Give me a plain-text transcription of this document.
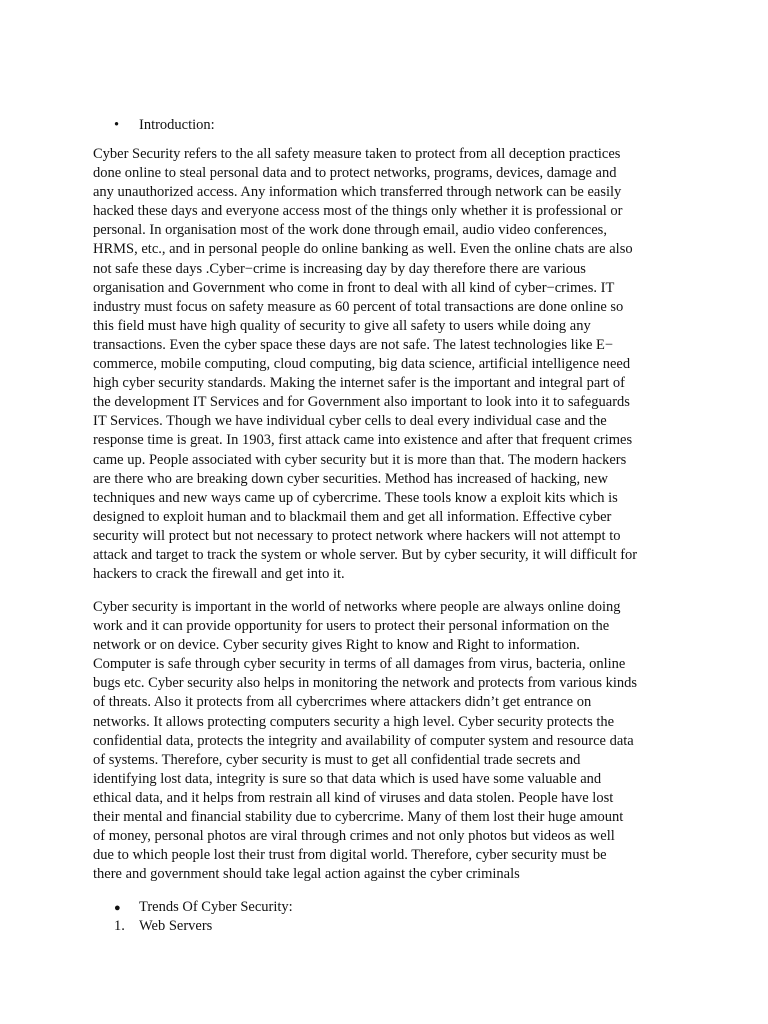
• Introduction:
Cyber Security refers to the all safety measure taken to protect from all deception practices
done online to steal personal data and to protect networks, programs, devices, damage and
any unauthorized access. Any information which transferred through network can be easily
hacked these days and everyone access most of the things only whether it is professional or
personal. In organisation most of the work done through email, audio video conferences,
HRMS, etc., and in personal people do online banking as well. Even the online chats are also
not safe these days .Cyber−crime is increasing day by day therefore there are various
organisation and Government who come in front to deal with all kind of cyber−crimes. IT
industry must focus on safety measure as 60 percent of total transactions are done online so
this field must have high quality of security to give all safety to users while doing any
transactions. Even the cyber space these days are not safe. The latest technologies like E−
commerce, mobile computing, cloud computing, big data science, artificial intelligence need
high cyber security standards. Making the internet safer is the important and integral part of
the development IT Services and for Government also important to look into it to safeguards
IT Services. Though we have individual cyber cells to deal every individual case and the
response time is great. In 1903, first attack came into existence and after that frequent crimes
came up. People associated with cyber security but it is more than that. The modern hackers
are there who are breaking down cyber securities. Method has increased of hacking, new
techniques and new ways came up of cybercrime. These tools know a exploit kits which is
designed to exploit human and to blackmail them and get all information. Effective cyber
security will protect but not necessary to protect network where hackers will not attempt to
attack and target to track the system or whole server. But by cyber security, it will difficult for
hackers to crack the firewall and get into it.
Cyber security is important in the world of networks where people are always online doing
work and it can provide opportunity for users to protect their personal information on the
network or on device. Cyber security gives Right to know and Right to information.
Computer is safe through cyber security in terms of all damages from virus, bacteria, online
bugs etc. Cyber security also helps in monitoring the network and protects from various kinds
of threats. Also it protects from all cybercrimes where attackers didn’t get entrance on
networks. It allows protecting computers security a high level. Cyber security protects the
confidential data, protects the integrity and availability of computer system and resource data
of systems. Therefore, cyber security is must to get all confidential trade secrets and
identifying lost data, integrity is sure so that data which is used have some valuable and
ethical data, and it helps from restrain all kind of viruses and data stolen. People have lost
their mental and financial stability due to cybercrime. Many of them lost their huge amount
of money, personal photos are viral through crimes and not only photos but videos as well
due to which people lost their trust from digital world. Therefore, cyber security must be
there and government should take legal action against the cyber criminals
● Trends Of Cyber Security:
1. Web Servers
